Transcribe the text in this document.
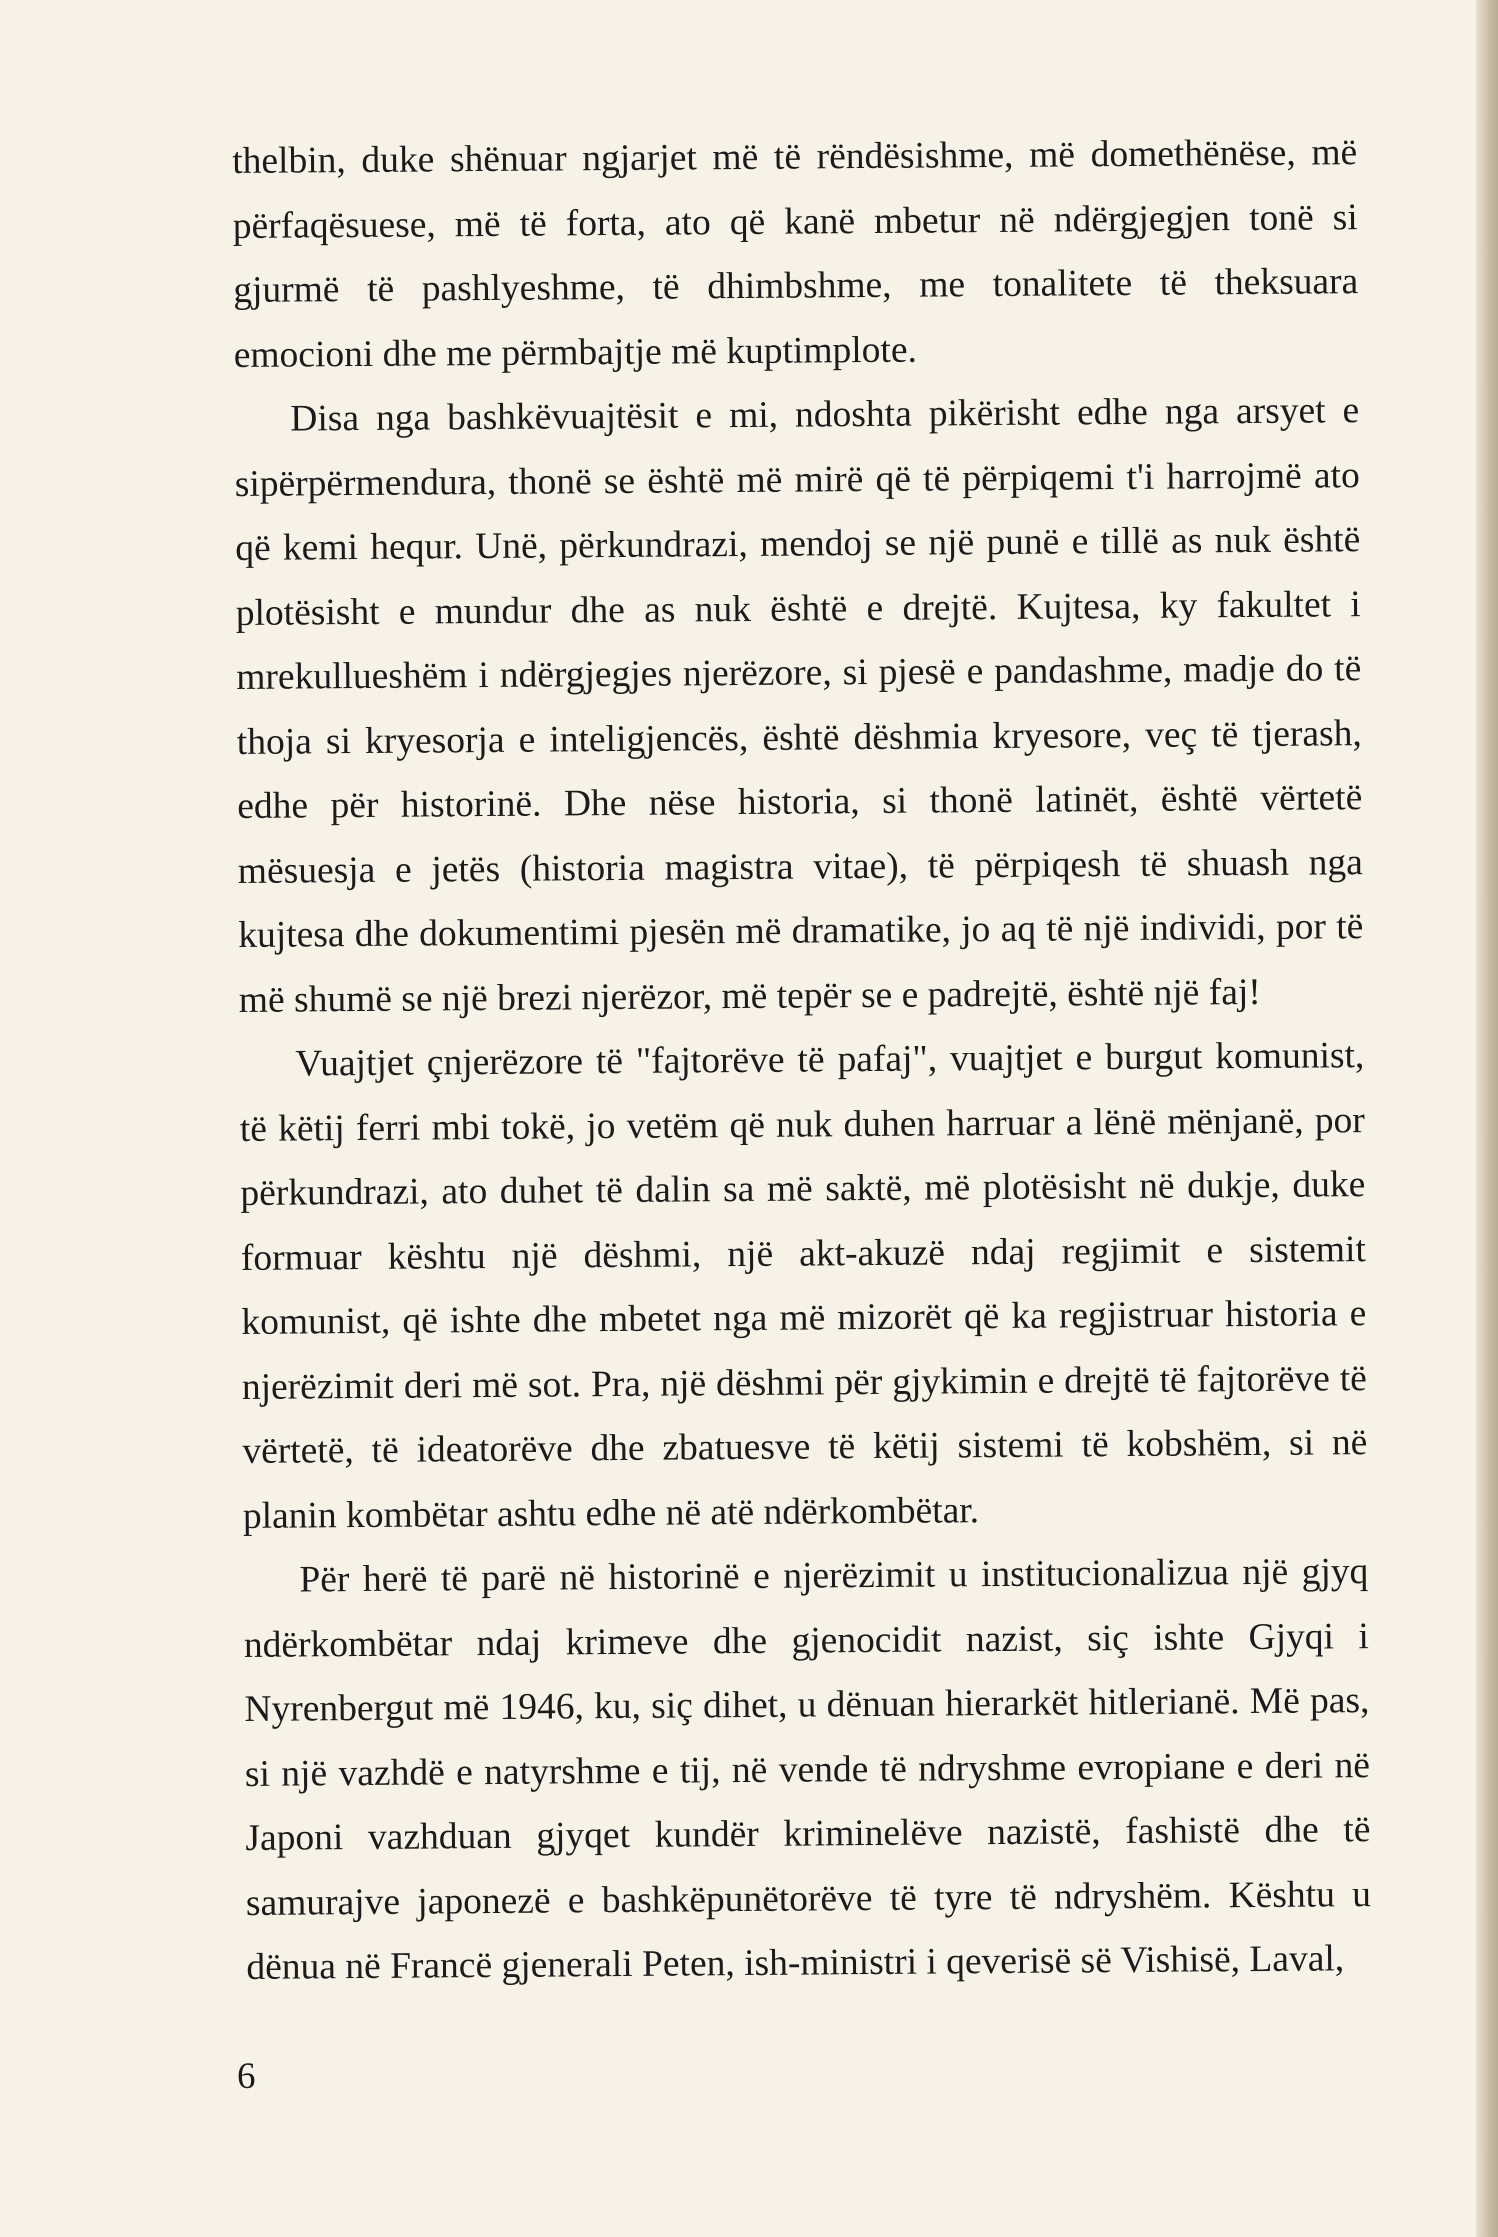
thelbin, duke shënuar ngjarjet më të rëndësishme, më domethënëse, më përfaqësuese, më të forta, ato që kanë mbetur në ndërgjegjen tonë si gjurmë të pashlyeshme, të dhimbshme, me tonalitete të theksuara emocioni dhe me përmbajtje më kuptimplote.

Disa nga bashkëvuajtësit e mi, ndoshta pikërisht edhe nga arsyet e sipërpërmendura, thonë se është më mirë që të përpiqemi t'i harrojmë ato që kemi hequr. Unë, përkundrazi, mendoj se një punë e tillë as nuk është plotësisht e mundur dhe as nuk është e drejtë. Kujtesa, ky fakultet i mrekullueshëm i ndërgjegjes njerëzore, si pjesë e pandashme, madje do të thoja si kryesorja e inteligjencës, është dëshmia kryesore, veç të tjerash, edhe për historinë. Dhe nëse historia, si thonë latinët, është vërtetë mësuesja e jetës (historia magistra vitae), të përpiqesh të shuash nga kujtesa dhe dokumentimi pjesën më dramatike, jo aq të një individi, por të më shumë se një brezi njerëzor, më tepër se e padrejtë, është një faj!

Vuajtjet çnjerëzore të "fajtorëve të pafaj", vuajtjet e burgut komunist, të këtij ferri mbi tokë, jo vetëm që nuk duhen harruar a lënë mënjanë, por përkundrazi, ato duhet të dalin sa më saktë, më plotësisht në dukje, duke formuar kështu një dëshmi, një akt-akuzë ndaj regjimit e sistemit komunist, që ishte dhe mbetet nga më mizorët që ka regjistruar historia e njerëzimit deri më sot. Pra, një dëshmi për gjykimin e drejtë të fajtorëve të vërtetë, të ideatorëve dhe zbatuesve të këtij sistemi të kobshëm, si në planin kombëtar ashtu edhe në atë ndërkombëtar.

Për herë të parë në historinë e njerëzimit u institucionalizua një gjyq ndërkombëtar ndaj krimeve dhe gjenocidit nazist, siç ishte Gjyqi i Nyrenbergut më 1946, ku, siç dihet, u dënuan hierarkët hitlerianë. Më pas, si një vazhdë e natyrshme e tij, në vende të ndryshme evropiane e deri në Japoni vazhduan gjyqet kundër kriminelëve nazistë, fashistë dhe të samurajve japonezë e bashkëpunëtorëve të tyre të ndryshëm. Kështu u dënua në Francë gjenerali Peten, ish-ministri i qeverisë së Vishisë, Laval,

6
